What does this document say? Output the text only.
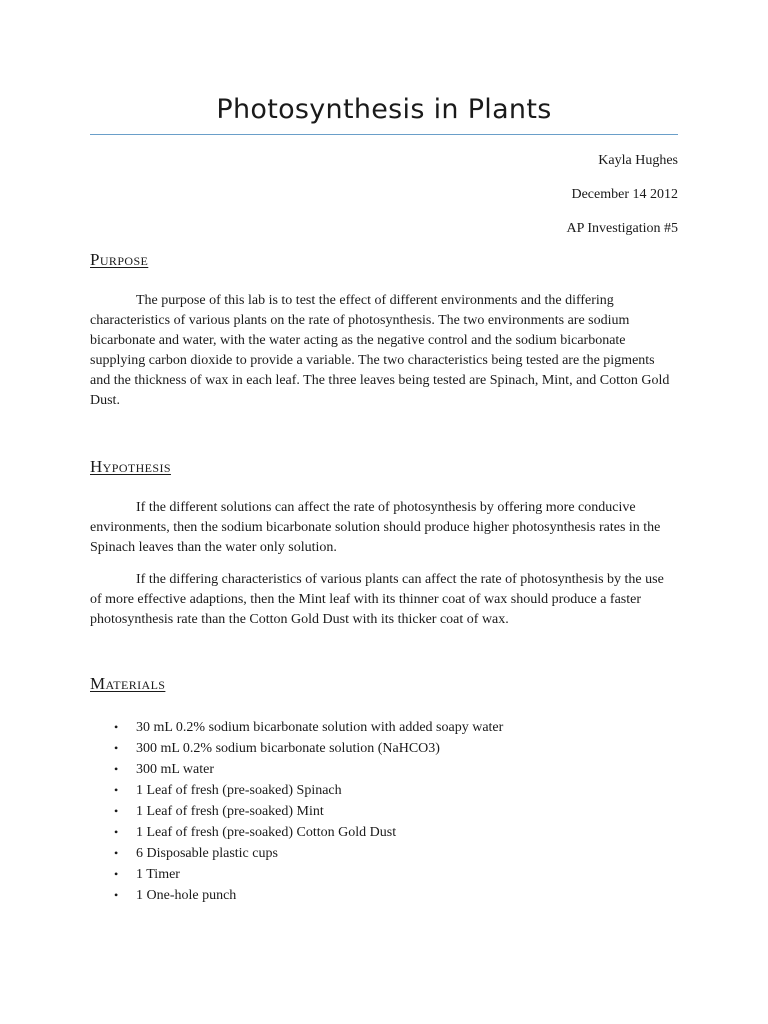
Photosynthesis in Plants
Kayla Hughes
December 14 2012
AP Investigation #5
Purpose

The purpose of this lab is to test the effect of different environments and the differing characteristics of various plants on the rate of photosynthesis. The two environments are sodium bicarbonate and water, with the water acting as the negative control and the sodium bicarbonate supplying carbon dioxide to provide a variable. The two characteristics being tested are the pigments and the thickness of wax in each leaf. The three leaves being tested are Spinach, Mint, and Cotton Gold Dust.

Hypothesis

If the different solutions can affect the rate of photosynthesis by offering more conducive environments, then the sodium bicarbonate solution should produce higher photosynthesis rates in the Spinach leaves than the water only solution.

If the differing characteristics of various plants can affect the rate of photosynthesis by the use of more effective adaptions, then the Mint leaf with its thinner coat of wax should produce a faster photosynthesis rate than the Cotton Gold Dust with its thicker coat of wax.

Materials
• 30 mL 0.2% sodium bicarbonate solution with added soapy water
• 300 mL 0.2% sodium bicarbonate solution (NaHCO3)
• 300 mL water
• 1 Leaf of fresh (pre-soaked) Spinach
• 1 Leaf of fresh (pre-soaked) Mint
• 1 Leaf of fresh (pre-soaked) Cotton Gold Dust
• 6 Disposable plastic cups
• 1 Timer
• 1 One-hole punch
